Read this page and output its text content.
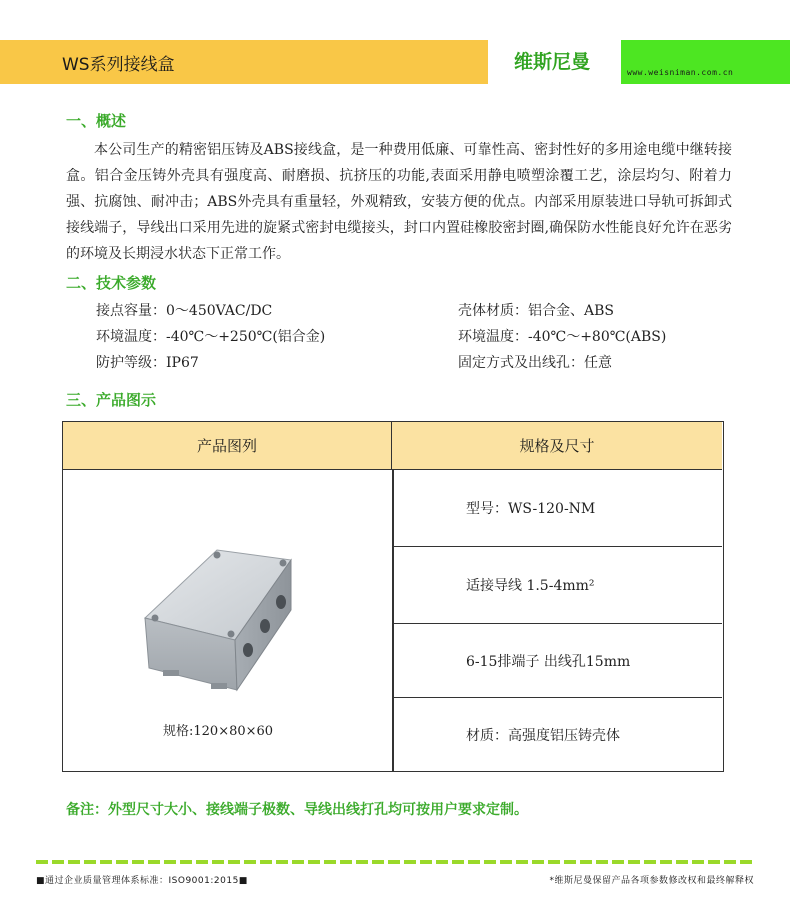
WS系列接线盒	维斯尼曼	www.weisniman.com.cn
一、概述
本公司生产的精密铝压铸及ABS接线盒，是一种费用低廉、可靠性高、密封性好的多用途电缆中继转接盒。铝合金压铸外壳具有强度高、耐磨损、抗挤压的功能,表面采用静电喷塑涂覆工艺，涂层均匀、附着力强、抗腐蚀、耐冲击；ABS外壳具有重量轻，外观精致，安装方便的优点。内部采用原装进口导轨可拆卸式接线端子，导线出口采用先进的旋紧式密封电缆接头，封口内置硅橡胶密封圈,确保防水性能良好允许在恶劣的环境及长期浸水状态下正常工作。
二、技术参数
接点容量：0～450VAC/DC	壳体材质：铝合金、ABS
环境温度：-40℃～+250℃(铝合金)	环境温度：-40℃～+80℃(ABS)
防护等级：IP67	固定方式及出线孔：任意
三、产品图示
产品图列	规格及尺寸
规格:120×80×60
型号：WS-120-NM
适接导线 1.5-4mm²
6-15排端子 出线孔15mm
材质：高强度铝压铸壳体
备注：外型尺寸大小、接线端子极数、导线出线打孔均可按用户要求定制。
■通过企业质量管理体系标准：ISO9001:2015■	*维斯尼曼保留产品各项参数修改权和最终解释权
